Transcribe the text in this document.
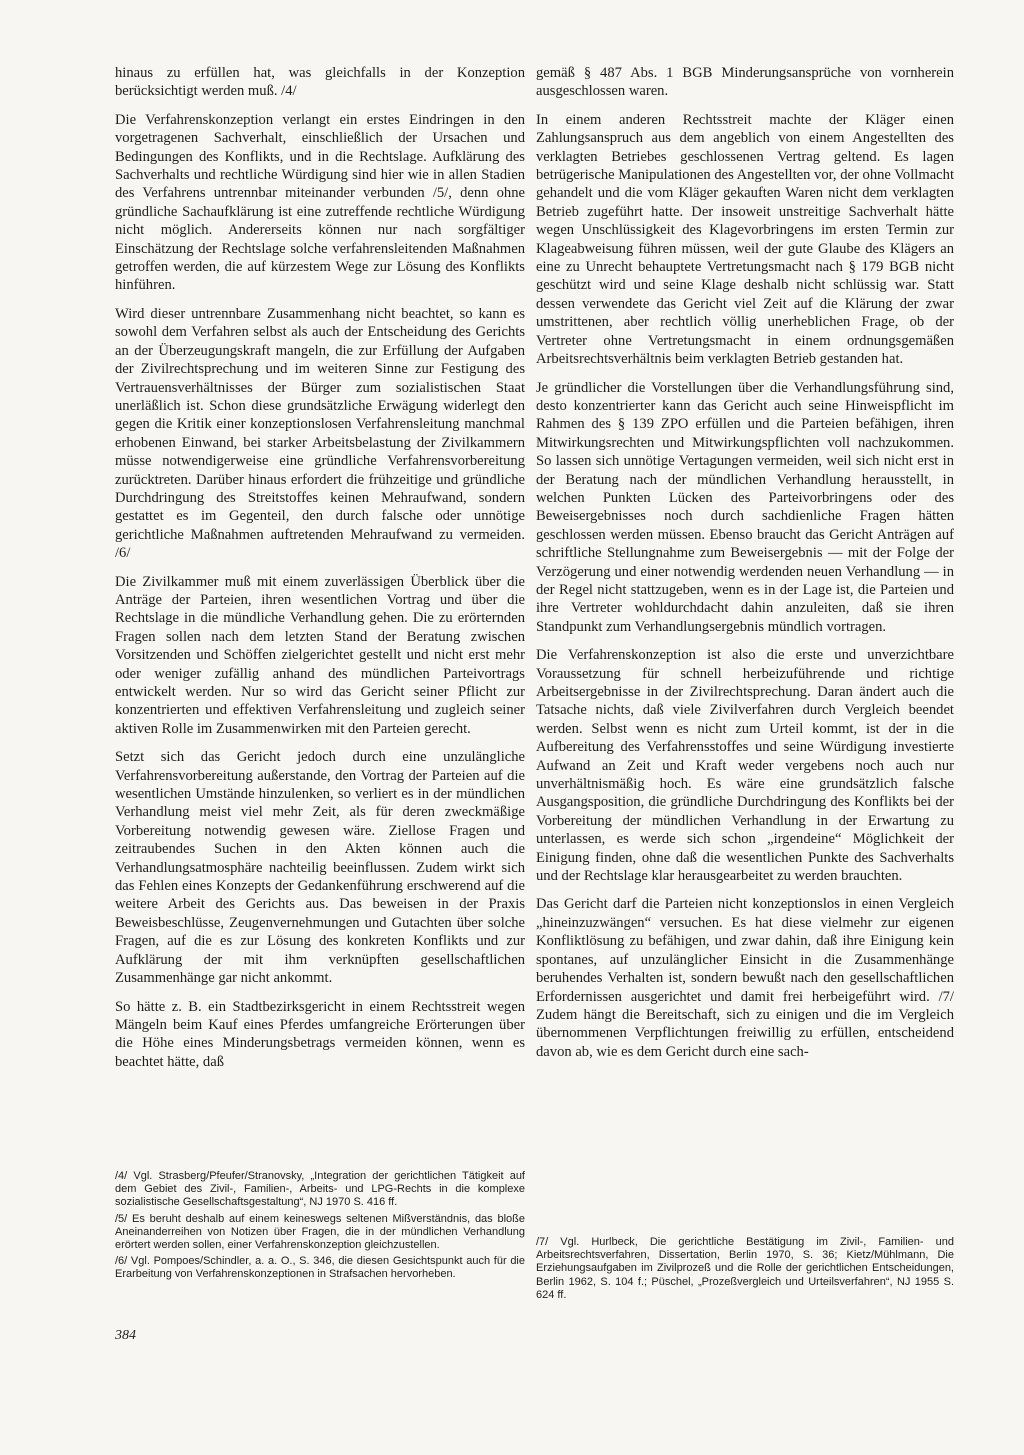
hinaus zu erfüllen hat, was gleichfalls in der Konzeption berücksichtigt werden muß. /4/

Die Verfahrenskonzeption verlangt ein erstes Eindringen in den vorgetragenen Sachverhalt, einschließlich der Ursachen und Bedingungen des Konflikts, und in die Rechtslage. Aufklärung des Sachverhalts und rechtliche Würdigung sind hier wie in allen Stadien des Verfahrens untrennbar miteinander verbunden /5/, denn ohne gründliche Sachaufklärung ist eine zutreffende rechtliche Würdigung nicht möglich. Andererseits können nur nach sorgfältiger Einschätzung der Rechtslage solche verfahrensleitenden Maßnahmen getroffen werden, die auf kürzestem Wege zur Lösung des Konflikts hinführen.

Wird dieser untrennbare Zusammenhang nicht beachtet, so kann es sowohl dem Verfahren selbst als auch der Entscheidung des Gerichts an der Überzeugungskraft mangeln, die zur Erfüllung der Aufgaben der Zivilrechtsprechung und im weiteren Sinne zur Festigung des Vertrauensverhältnisses der Bürger zum sozialistischen Staat unerläßlich ist. Schon diese grundsätzliche Erwägung widerlegt den gegen die Kritik einer konzeptionslosen Verfahrensleitung manchmal erhobenen Einwand, bei starker Arbeitsbelastung der Zivilkammern müsse notwendigerweise eine gründliche Verfahrensvorbereitung zurücktreten. Darüber hinaus erfordert die frühzeitige und gründliche Durchdringung des Streitstoffes keinen Mehraufwand, sondern gestattet es im Gegenteil, den durch falsche oder unnötige gerichtliche Maßnahmen auftretenden Mehraufwand zu vermeiden. /6/

Die Zivilkammer muß mit einem zuverlässigen Überblick über die Anträge der Parteien, ihren wesentlichen Vortrag und über die Rechtslage in die mündliche Verhandlung gehen. Die zu erörternden Fragen sollen nach dem letzten Stand der Beratung zwischen Vorsitzenden und Schöffen zielgerichtet gestellt und nicht erst mehr oder weniger zufällig anhand des mündlichen Parteivortrags entwickelt werden. Nur so wird das Gericht seiner Pflicht zur konzentrierten und effektiven Verfahrensleitung und zugleich seiner aktiven Rolle im Zusammenwirken mit den Parteien gerecht.

Setzt sich das Gericht jedoch durch eine unzulängliche Verfahrensvorbereitung außerstande, den Vortrag der Parteien auf die wesentlichen Umstände hinzulenken, so verliert es in der mündlichen Verhandlung meist viel mehr Zeit, als für deren zweckmäßige Vorbereitung notwendig gewesen wäre. Ziellose Fragen und zeitraubendes Suchen in den Akten können auch die Verhandlungsatmosphäre nachteilig beeinflussen. Zudem wirkt sich das Fehlen eines Konzepts der Gedankenführung erschwerend auf die weitere Arbeit des Gerichts aus. Das beweisen in der Praxis Beweisbeschlüsse, Zeugenvernehmungen und Gutachten über solche Fragen, auf die es zur Lösung des konkreten Konflikts und zur Aufklärung der mit ihm verknüpften gesellschaftlichen Zusammenhänge gar nicht ankommt.

So hätte z. B. ein Stadtbezirksgericht in einem Rechtsstreit wegen Mängeln beim Kauf eines Pferdes umfangreiche Erörterungen über die Höhe eines Minderungsbetrags vermeiden können, wenn es beachtet hätte, daß

gemäß § 487 Abs. 1 BGB Minderungsansprüche von vornherein ausgeschlossen waren.

In einem anderen Rechtsstreit machte der Kläger einen Zahlungsanspruch aus dem angeblich von einem Angestellten des verklagten Betriebes geschlossenen Vertrag geltend. Es lagen betrügerische Manipulationen des Angestellten vor, der ohne Vollmacht gehandelt und die vom Kläger gekauften Waren nicht dem verklagten Betrieb zugeführt hatte. Der insoweit unstreitige Sachverhalt hätte wegen Unschlüssigkeit des Klagevorbringens im ersten Termin zur Klageabweisung führen müssen, weil der gute Glaube des Klägers an eine zu Unrecht behauptete Vertretungsmacht nach § 179 BGB nicht geschützt wird und seine Klage deshalb nicht schlüssig war. Statt dessen verwendete das Gericht viel Zeit auf die Klärung der zwar umstrittenen, aber rechtlich völlig unerheblichen Frage, ob der Vertreter ohne Vertretungsmacht in einem ordnungsgemäßen Arbeitsrechtsverhältnis beim verklagten Betrieb gestanden hat.

Je gründlicher die Vorstellungen über die Verhandlungsführung sind, desto konzentrierter kann das Gericht auch seine Hinweispflicht im Rahmen des § 139 ZPO erfüllen und die Parteien befähigen, ihren Mitwirkungsrechten und Mitwirkungspflichten voll nachzukommen. So lassen sich unnötige Vertagungen vermeiden, weil sich nicht erst in der Beratung nach der mündlichen Verhandlung herausstellt, in welchen Punkten Lücken des Parteivorbringens oder des Beweisergebnisses noch durch sachdienliche Fragen hätten geschlossen werden müssen. Ebenso braucht das Gericht Anträgen auf schriftliche Stellungnahme zum Beweisergebnis — mit der Folge der Verzögerung und einer notwendig werdenden neuen Verhandlung — in der Regel nicht stattzugeben, wenn es in der Lage ist, die Parteien und ihre Vertreter wohldurchdacht dahin anzuleiten, daß sie ihren Standpunkt zum Verhandlungsergebnis mündlich vortragen.

Die Verfahrenskonzeption ist also die erste und unverzichtbare Voraussetzung für schnell herbeizuführende und richtige Arbeitsergebnisse in der Zivilrechtsprechung. Daran ändert auch die Tatsache nichts, daß viele Zivilverfahren durch Vergleich beendet werden. Selbst wenn es nicht zum Urteil kommt, ist der in die Aufbereitung des Verfahrensstoffes und seine Würdigung investierte Aufwand an Zeit und Kraft weder vergebens noch auch nur unverhältnismäßig hoch. Es wäre eine grundsätzlich falsche Ausgangsposition, die gründliche Durchdringung des Konflikts bei der Vorbereitung der mündlichen Verhandlung in der Erwartung zu unterlassen, es werde sich schon „irgendeine“ Möglichkeit der Einigung finden, ohne daß die wesentlichen Punkte des Sachverhalts und der Rechtslage klar herausgearbeitet zu werden brauchten.

Das Gericht darf die Parteien nicht konzeptionslos in einen Vergleich „hineinzuzwängen“ versuchen. Es hat diese vielmehr zur eigenen Konfliktlösung zu befähigen, und zwar dahin, daß ihre Einigung kein spontanes, auf unzulänglicher Einsicht in die Zusammenhänge beruhendes Verhalten ist, sondern bewußt nach den gesellschaftlichen Erfordernissen ausgerichtet und damit frei herbeigeführt wird. /7/ Zudem hängt die Bereitschaft, sich zu einigen und die im Vergleich übernommenen Verpflichtungen freiwillig zu erfüllen, entscheidend davon ab, wie es dem Gericht durch eine sach-

/4/ Vgl. Strasberg/Pfeufer/Stranovsky, „Integration der gerichtlichen Tätigkeit auf dem Gebiet des Zivil-, Familien-, Arbeits- und LPG-Rechts in die komplexe sozialistische Gesellschaftsgestaltung“, NJ 1970 S. 416 ff.

/5/ Es beruht deshalb auf einem keineswegs seltenen Mißverständnis, das bloße Aneinanderreihen von Notizen über Fragen, die in der mündlichen Verhandlung erörtert werden sollen, einer Verfahrenskonzeption gleichzustellen.

/6/ Vgl. Pompoes/Schindler, a. a. O., S. 346, die diesen Gesichtspunkt auch für die Erarbeitung von Verfahrenskonzeptionen in Strafsachen hervorheben.

/7/ Vgl. Hurlbeck, Die gerichtliche Bestätigung im Zivil-, Familien- und Arbeitsrechtsverfahren, Dissertation, Berlin 1970, S. 36; Kietz/Mühlmann, Die Erziehungsaufgaben im Zivilprozeß und die Rolle der gerichtlichen Entscheidungen, Berlin 1962, S. 104 f.; Püschel, „Prozeßvergleich und Urteilsverfahren“, NJ 1955 S. 624 ff.

384
